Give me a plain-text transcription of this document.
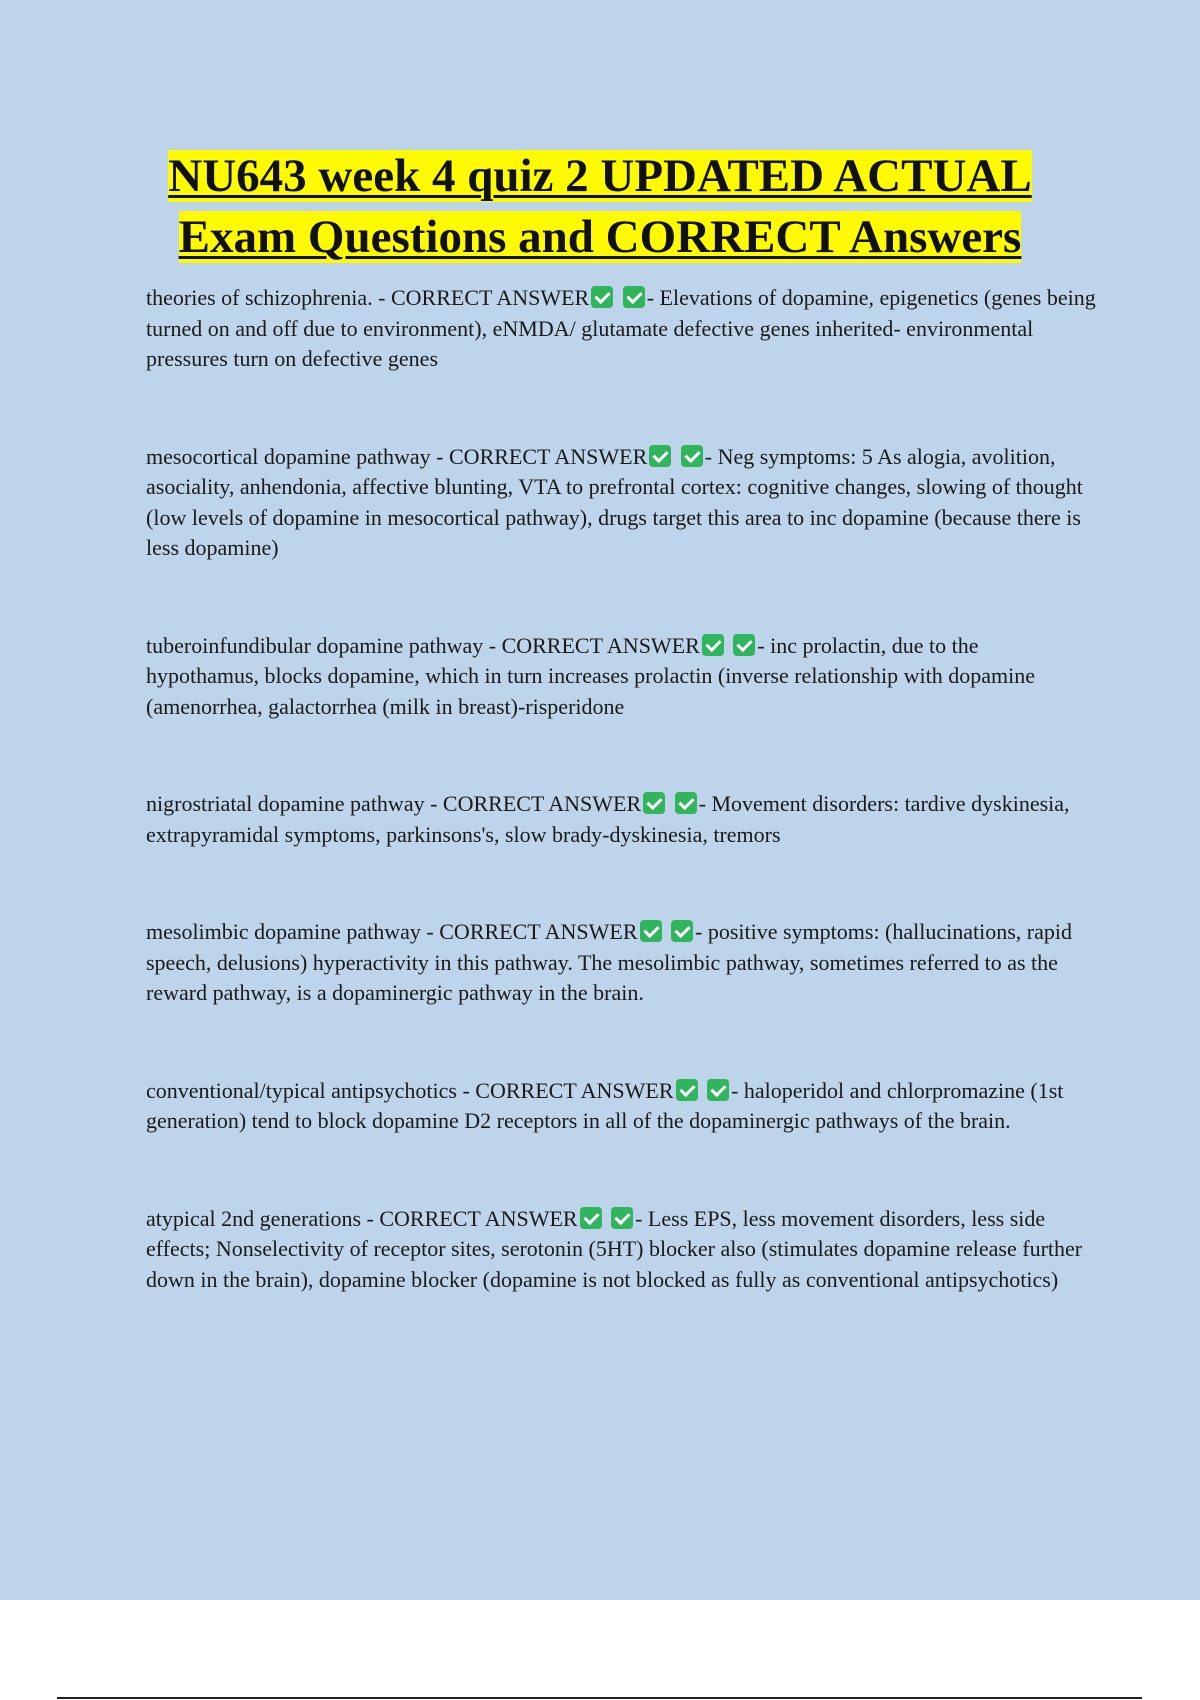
NU643 week 4 quiz 2 UPDATED ACTUAL
Exam Questions and CORRECT Answers

theories of schizophrenia. - CORRECT ANSWER	- Elevations of dopamine, epigenetics (genes being turned on and off due to environment), eNMDA/ glutamate defective genes inherited- environmental pressures turn on defective genes

mesocortical dopamine pathway - CORRECT ANSWER	- Neg symptoms: 5 As alogia, avolition, asociality, anhendonia, affective blunting, VTA to prefrontal cortex: cognitive changes, slowing of thought (low levels of dopamine in mesocortical pathway), drugs target this area to inc dopamine (because there is less dopamine)

tuberoinfundibular dopamine pathway - CORRECT ANSWER	- inc prolactin, due to the hypothamus, blocks dopamine, which in turn increases prolactin (inverse relationship with dopamine (amenorrhea, galactorrhea (milk in breast)-risperidone

nigrostriatal dopamine pathway - CORRECT ANSWER	- Movement disorders: tardive dyskinesia, extrapyramidal symptoms, parkinsons's, slow brady-dyskinesia, tremors

mesolimbic dopamine pathway - CORRECT ANSWER	- positive symptoms: (hallucinations, rapid speech, delusions) hyperactivity in this pathway. The mesolimbic pathway, sometimes referred to as the reward pathway, is a dopaminergic pathway in the brain.

conventional/typical antipsychotics - CORRECT ANSWER	- haloperidol and chlorpromazine (1st generation) tend to block dopamine D2 receptors in all of the dopaminergic pathways of the brain.

atypical 2nd generations - CORRECT ANSWER	- Less EPS, less movement disorders, less side effects; Nonselectivity of receptor sites, serotonin (5HT) blocker also (stimulates dopamine release further down in the brain), dopamine blocker (dopamine is not blocked as fully as conventional antipsychotics)
